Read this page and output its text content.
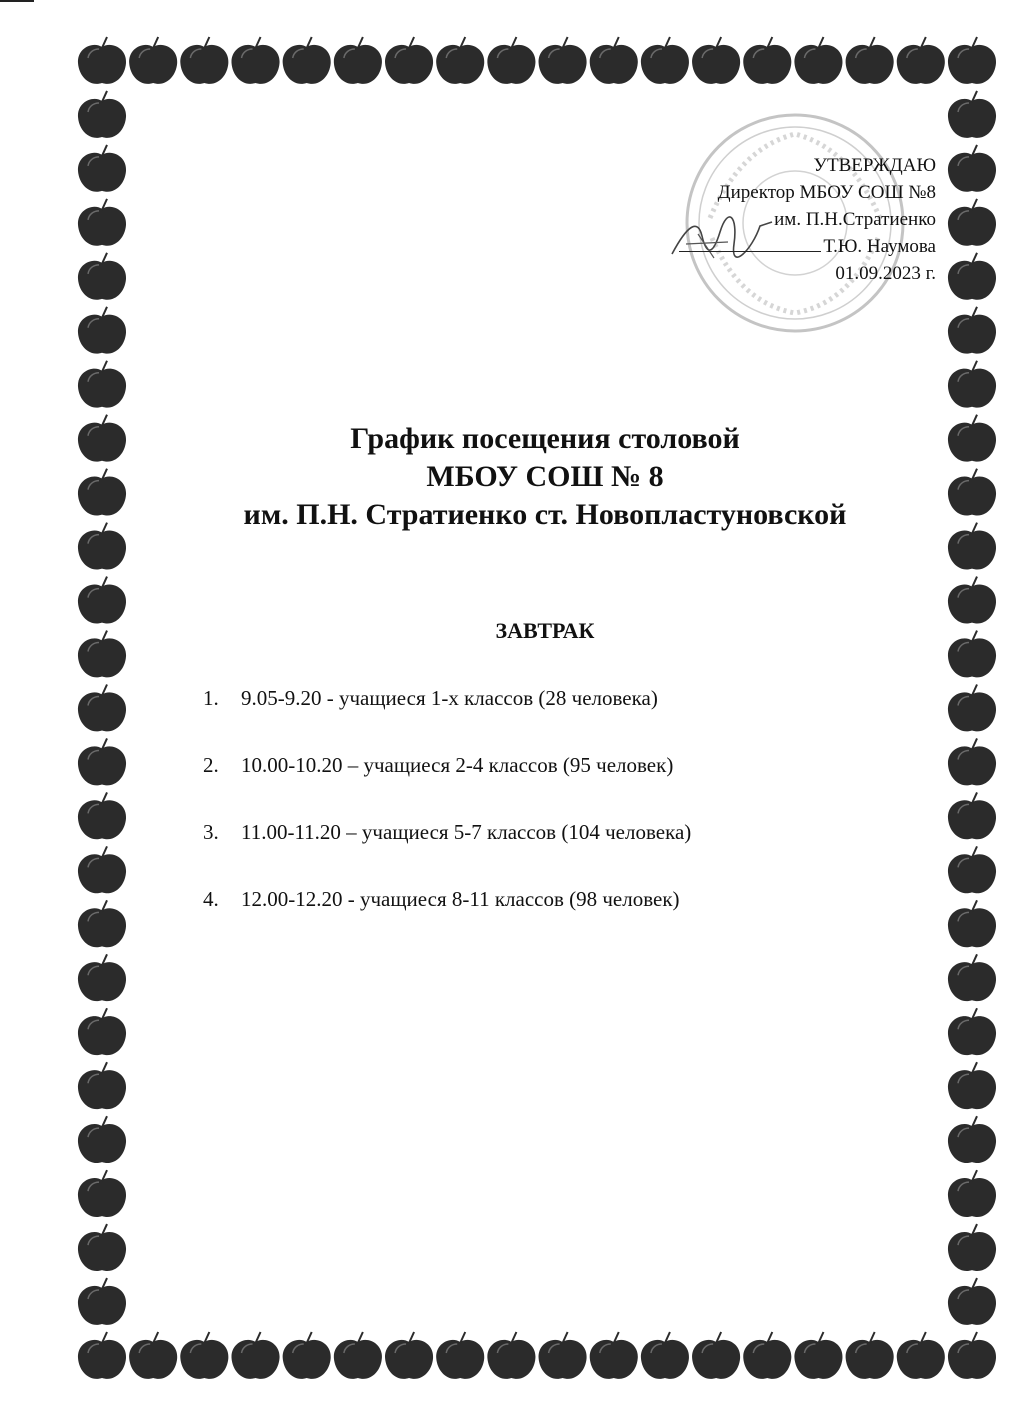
УТВЕРЖДАЮ
Директор МБОУ СОШ №8
им. П.Н.Стратиенко
Т.Ю. Наумова
01.09.2023 г.
График посещения столовой
МБОУ СОШ № 8
им. П.Н. Стратиенко ст. Новопластуновской
ЗАВТРАК
1. 9.05-9.20 - учащиеся 1-х классов (28 человека)
2. 10.00-10.20 – учащиеся 2-4 классов (95 человек)
3. 11.00-11.20 – учащиеся 5-7 классов (104 человека)
4. 12.00-12.20 - учащиеся 8-11 классов (98 человек)
